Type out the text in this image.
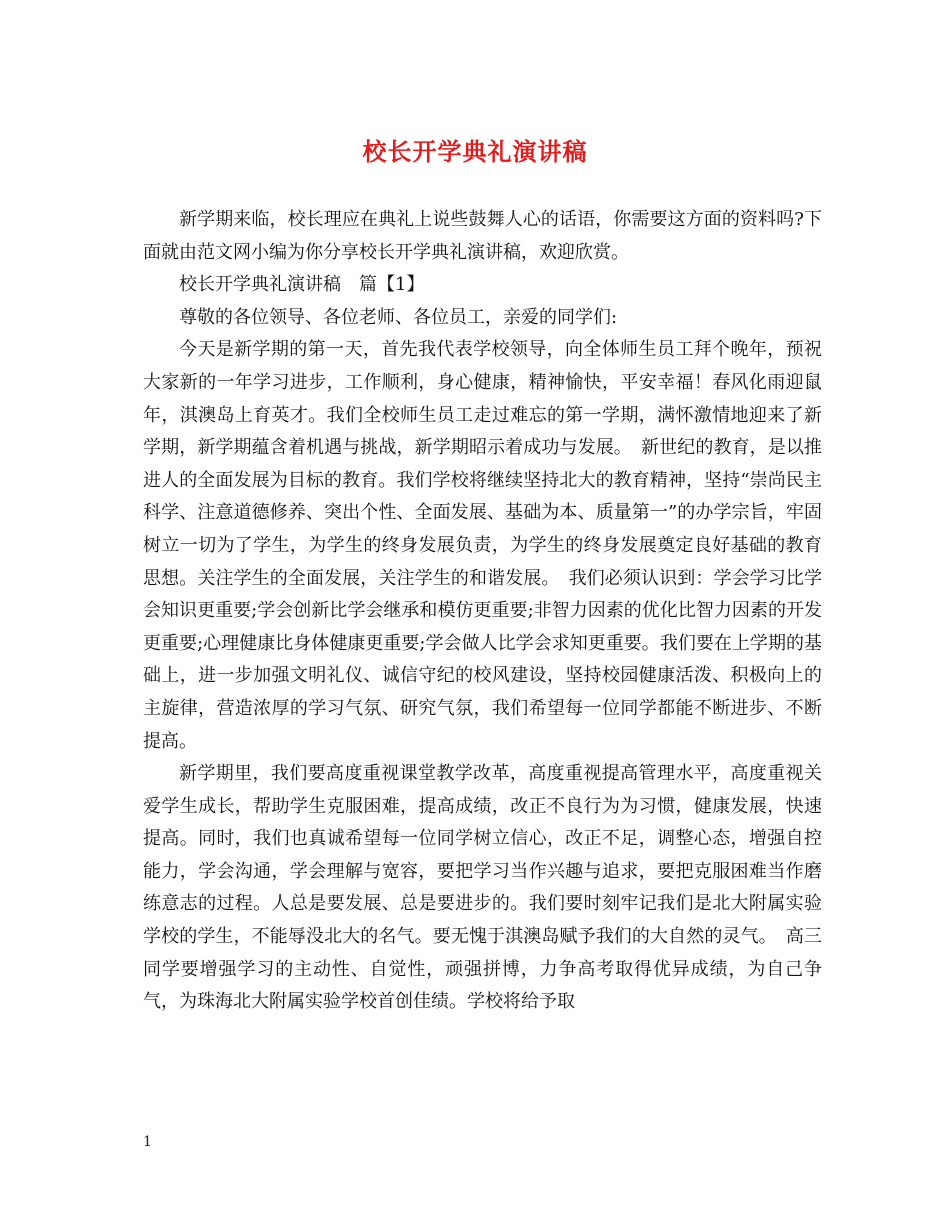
校长开学典礼演讲稿

新学期来临，校长理应在典礼上说些鼓舞人心的话语，你需要这方面的资料吗?下面就由范文网小编为你分享校长开学典礼演讲稿，欢迎欣赏。

校长开学典礼演讲稿　篇【1】

尊敬的各位领导、各位老师、各位员工，亲爱的同学们:

今天是新学期的第一天，首先我代表学校领导，向全体师生员工拜个晚年，预祝大家新的一年学习进步，工作顺利，身心健康，精神愉快，平安幸福！春风化雨迎鼠年，淇澳岛上育英才。我们全校师生员工走过难忘的第一学期，满怀激情地迎来了新学期，新学期蕴含着机遇与挑战，新学期昭示着成功与发展。　新世纪的教育，是以推进人的全面发展为目标的教育。我们学校将继续坚持北大的教育精神，坚持“崇尚民主科学、注意道德修养、突出个性、全面发展、基础为本、质量第一”的办学宗旨，牢固树立一切为了学生，为学生的终身发展负责，为学生的终身发展奠定良好基础的教育思想。关注学生的全面发展，关注学生的和谐发展。　我们必须认识到：学会学习比学会知识更重要;学会创新比学会继承和模仿更重要;非智力因素的优化比智力因素的开发更重要;心理健康比身体健康更重要;学会做人比学会求知更重要。我们要在上学期的基础上，进一步加强文明礼仪、诚信守纪的校风建设，坚持校园健康活泼、积极向上的主旋律，营造浓厚的学习气氛、研究气氛，我们希望每一位同学都能不断进步、不断提高。

新学期里，我们要高度重视课堂教学改革，高度重视提高管理水平，高度重视关爱学生成长，帮助学生克服困难，提高成绩，改正不良行为为习惯，健康发展，快速提高。同时，我们也真诚希望每一位同学树立信心，改正不足，调整心态，增强自控能力，学会沟通，学会理解与宽容，要把学习当作兴趣与追求，要把克服困难当作磨练意志的过程。人总是要发展、总是要进步的。我们要时刻牢记我们是北大附属实验学校的学生，不能辱没北大的名气。要无愧于淇澳岛赋予我们的大自然的灵气。　高三同学要增强学习的主动性、自觉性，顽强拼博，力争高考取得优异成绩，为自己争气，为珠海北大附属实验学校首创佳绩。学校将给予取

1
